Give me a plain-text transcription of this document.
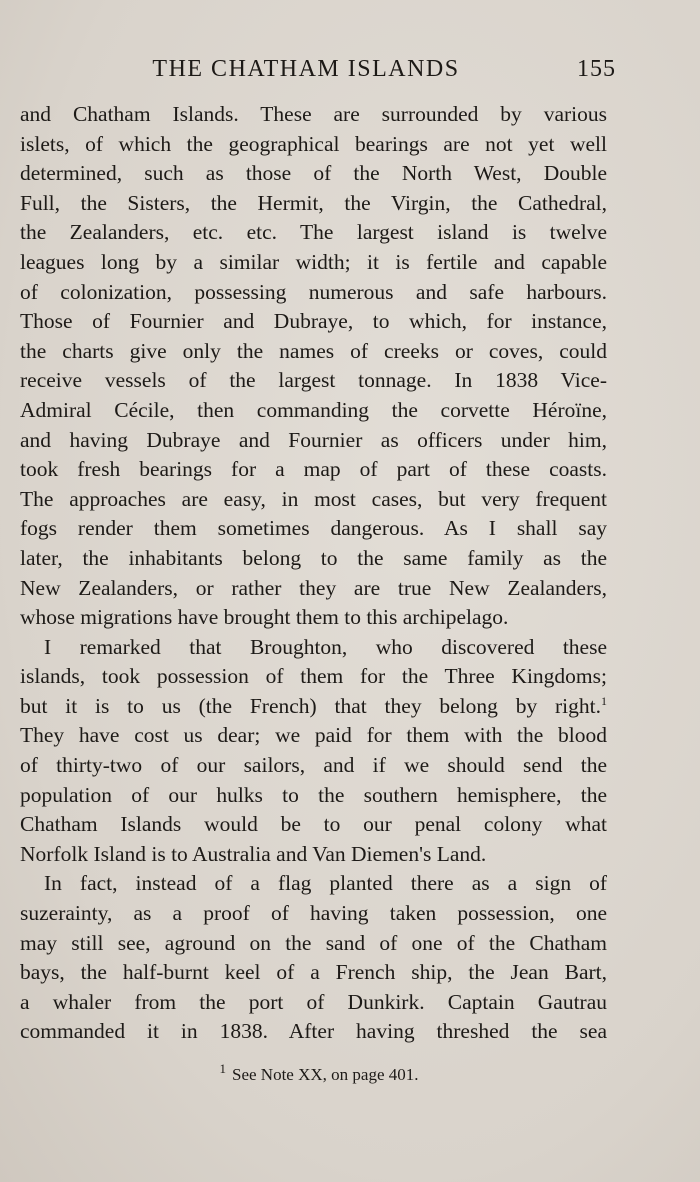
THE CHATHAM ISLANDS	155
and Chatham Islands. These are surrounded by various
islets, of which the geographical bearings are not yet well
determined, such as those of the North West, Double
Full, the Sisters, the Hermit, the Virgin, the Cathedral,
the Zealanders, etc. etc. The largest island is twelve
leagues long by a similar width; it is fertile and capable
of colonization, possessing numerous and safe harbours.
Those of Fournier and Dubraye, to which, for instance,
the charts give only the names of creeks or coves, could
receive vessels of the largest tonnage. In 1838 Vice-
Admiral Cécile, then commanding the corvette Héroïne,
and having Dubraye and Fournier as officers under him,
took fresh bearings for a map of part of these coasts.
The approaches are easy, in most cases, but very frequent
fogs render them sometimes dangerous. As I shall say
later, the inhabitants belong to the same family as the
New Zealanders, or rather they are true New Zealanders,
whose migrations have brought them to this archipelago.
I remarked that Broughton, who discovered these
islands, took possession of them for the Three Kingdoms;
but it is to us (the French) that they belong by right.$^1$
They have cost us dear; we paid for them with the blood
of thirty-two of our sailors, and if we should send the
population of our hulks to the southern hemisphere, the
Chatham Islands would be to our penal colony what
Norfolk Island is to Australia and Van Diemen's Land.
In fact, instead of a flag planted there as a sign of
suzerainty, as a proof of having taken possession, one
may still see, aground on the sand of one of the Chatham
bays, the half-burnt keel of a French ship, the Jean Bart,
a whaler from the port of Dunkirk. Captain Gautrau
commanded it in 1838. After having threshed the sea
$^1$ See Note XX, on page 401.
